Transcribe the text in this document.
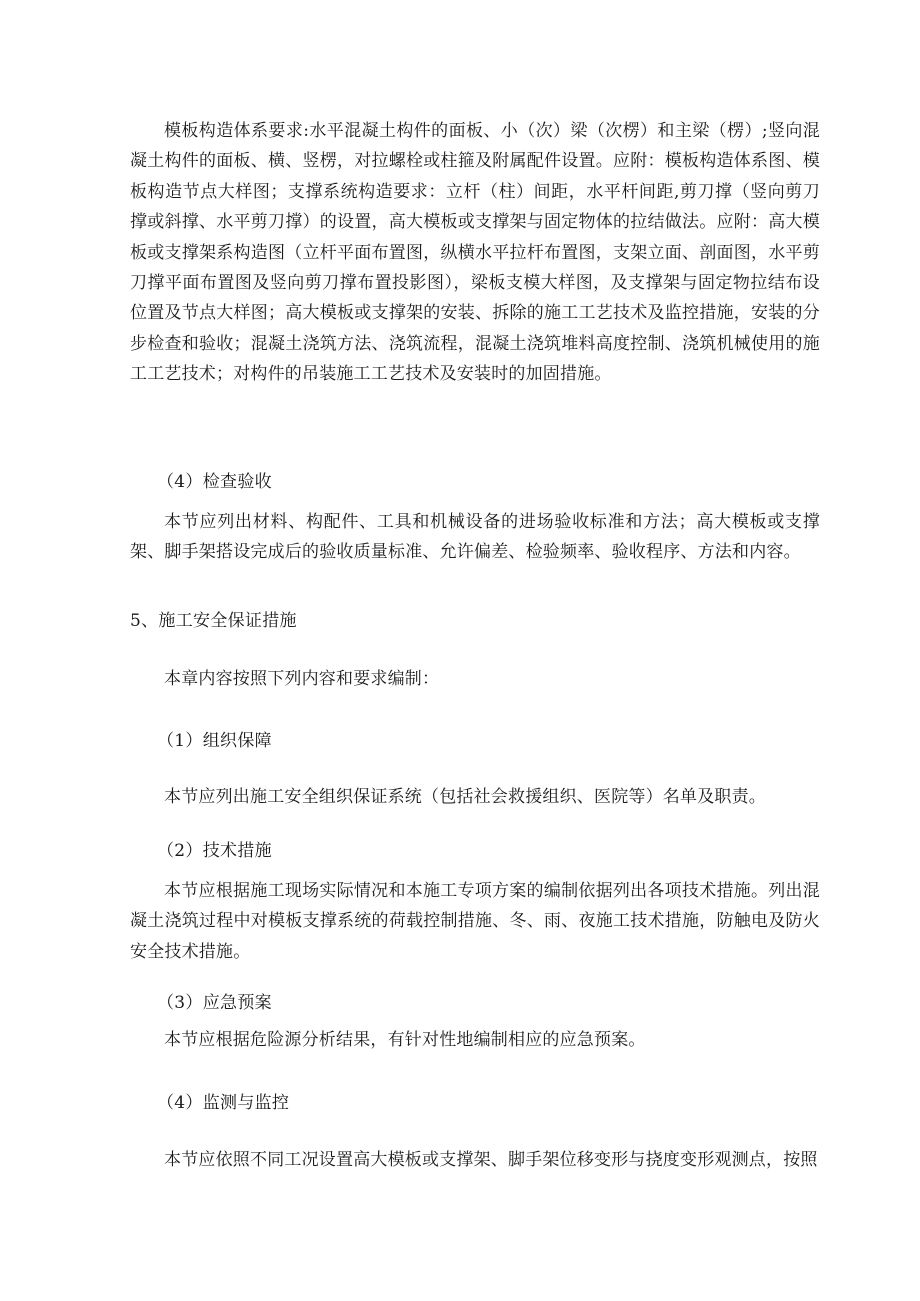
模板构造体系要求:水平混凝土构件的面板、小（次）梁（次楞）和主梁（楞）;竖向混凝土构件的面板、横、竖楞，对拉螺栓或柱箍及附属配件设置。应附：模板构造体系图、模板构造节点大样图；支撑系统构造要求：立杆（柱）间距，水平杆间距,剪刀撑（竖向剪刀撑或斜撑、水平剪刀撑）的设置，高大模板或支撑架与固定物体的拉结做法。应附：高大模板或支撑架系构造图（立杆平面布置图，纵横水平拉杆布置图，支架立面、剖面图，水平剪刀撑平面布置图及竖向剪刀撑布置投影图），梁板支模大样图，及支撑架与固定物拉结布设位置及节点大样图；高大模板或支撑架的安装、拆除的施工工艺技术及监控措施，安装的分步检查和验收；混凝土浇筑方法、浇筑流程，混凝土浇筑堆料高度控制、浇筑机械使用的施工工艺技术；对构件的吊装施工工艺技术及安装时的加固措施。

（4）检查验收

本节应列出材料、构配件、工具和机械设备的进场验收标准和方法；高大模板或支撑架、脚手架搭设完成后的验收质量标准、允许偏差、检验频率、验收程序、方法和内容。

5、施工安全保证措施

本章内容按照下列内容和要求编制：

（1）组织保障

本节应列出施工安全组织保证系统（包括社会救援组织、医院等）名单及职责。

（2）技术措施

本节应根据施工现场实际情况和本施工专项方案的编制依据列出各项技术措施。列出混凝土浇筑过程中对模板支撑系统的荷载控制措施、冬、雨、夜施工技术措施，防触电及防火安全技术措施。

（3）应急预案

本节应根据危险源分析结果，有针对性地编制相应的应急预案。

（4）监测与监控

本节应依照不同工况设置高大模板或支撑架、脚手架位移变形与挠度变形观测点，按照
